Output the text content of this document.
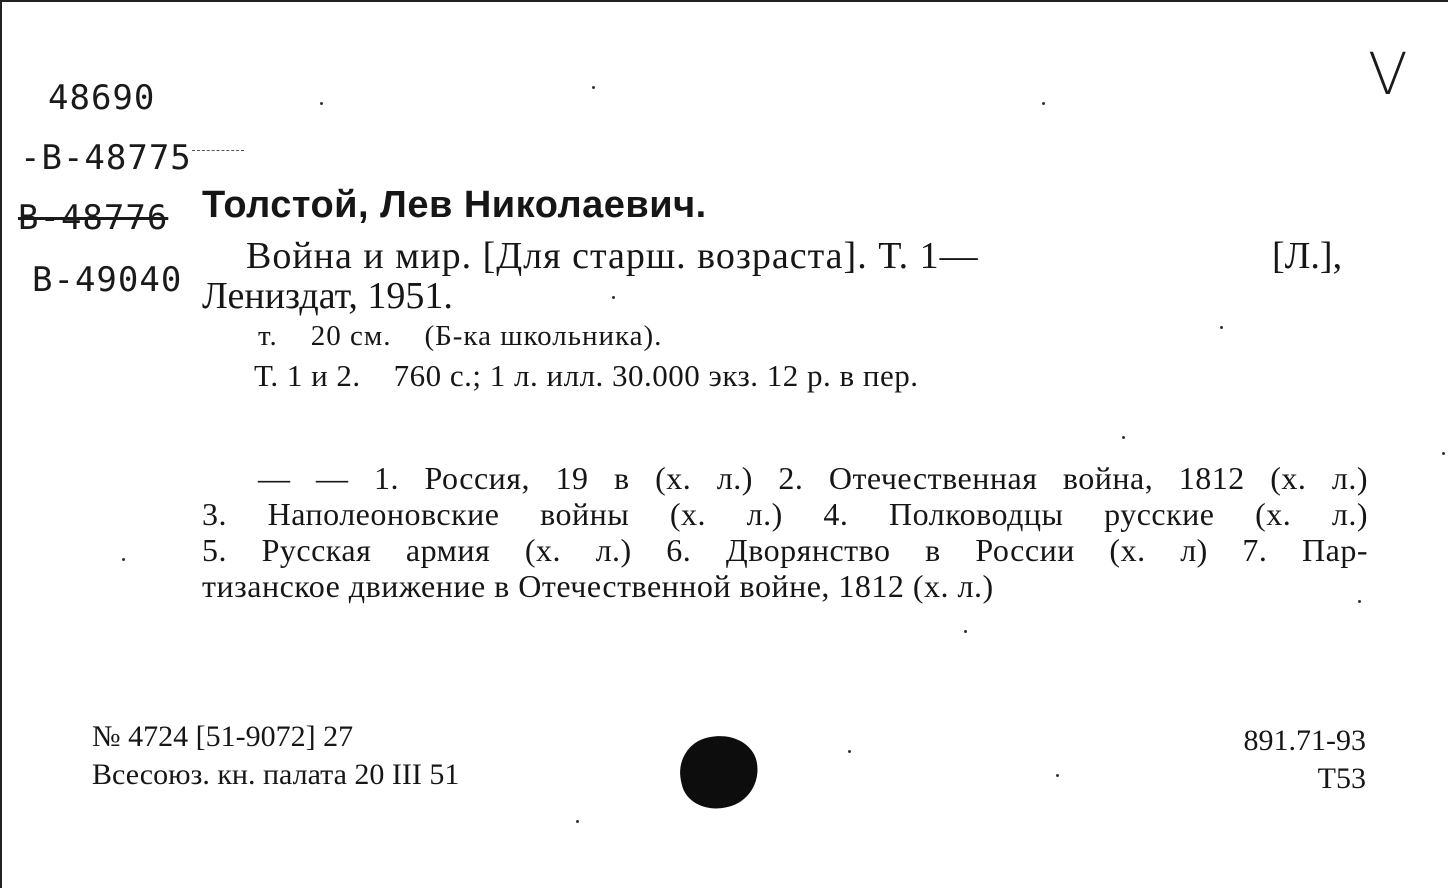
48690
-В-48775
В-48776
В-49040
V
Толстой, Лев Николаевич.
Война и мир. [Для старш. возраста]. Т. 1—	[Л.],
Лениздат, 1951.
т.    20 см.    (Б-ка школьника).
Т. 1 и 2.    760 с.; 1 л. илл. 30.000 экз. 12 р. в пер.
— — 1. Россия, 19 в (х. л.) 2. Отечественная война, 1812 (х. л.)
3. Наполеоновские войны (х. л.) 4. Полководцы русские (х. л.)
5. Русская армия (х. л.) 6. Дворянство в России (х. л) 7. Пар-
тизанское движение в Отечественной войне, 1812 (х. л.)
№ 4724 [51-9072] 27
Всесоюз. кн. палата 20 III 51
891.71-93
Т53
